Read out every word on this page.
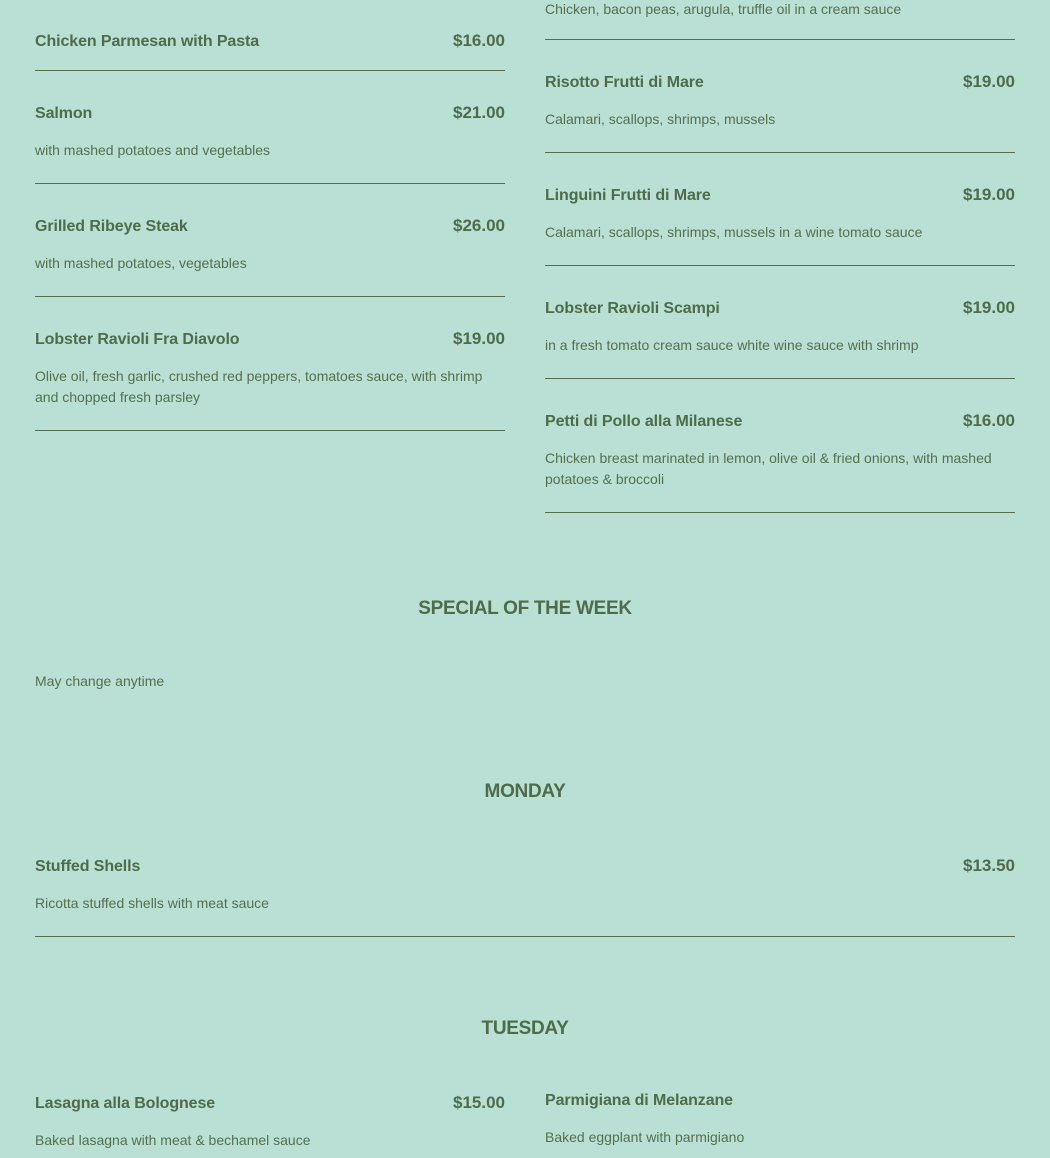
Chicken Parmesan with Pasta	$16.00
Salmon	$21.00
with mashed potatoes and vegetables
Grilled Ribeye Steak	$26.00
with mashed potatoes, vegetables
Lobster Ravioli Fra Diavolo	$19.00
Olive oil, fresh garlic, crushed red peppers, tomatoes sauce, with shrimp and chopped fresh parsley
Chicken, bacon peas, arugula, truffle oil in a cream sauce
Risotto Frutti di Mare	$19.00
Calamari, scallops, shrimps, mussels
Linguini Frutti di Mare	$19.00
Calamari, scallops, shrimps, mussels in a wine tomato sauce
Lobster Ravioli Scampi	$19.00
in a fresh tomato cream sauce white wine sauce with shrimp
Petti di Pollo alla Milanese	$16.00
Chicken breast marinated in lemon, olive oil & fried onions, with mashed potatoes & broccoli
SPECIAL OF THE WEEK
May change anytime
MONDAY
Stuffed Shells	$13.50
Ricotta stuffed shells with meat sauce
TUESDAY
Lasagna alla Bolognese	$15.00
Baked lasagna with meat & bechamel sauce
Parmigiana di Melanzane
Baked eggplant with parmigiano
